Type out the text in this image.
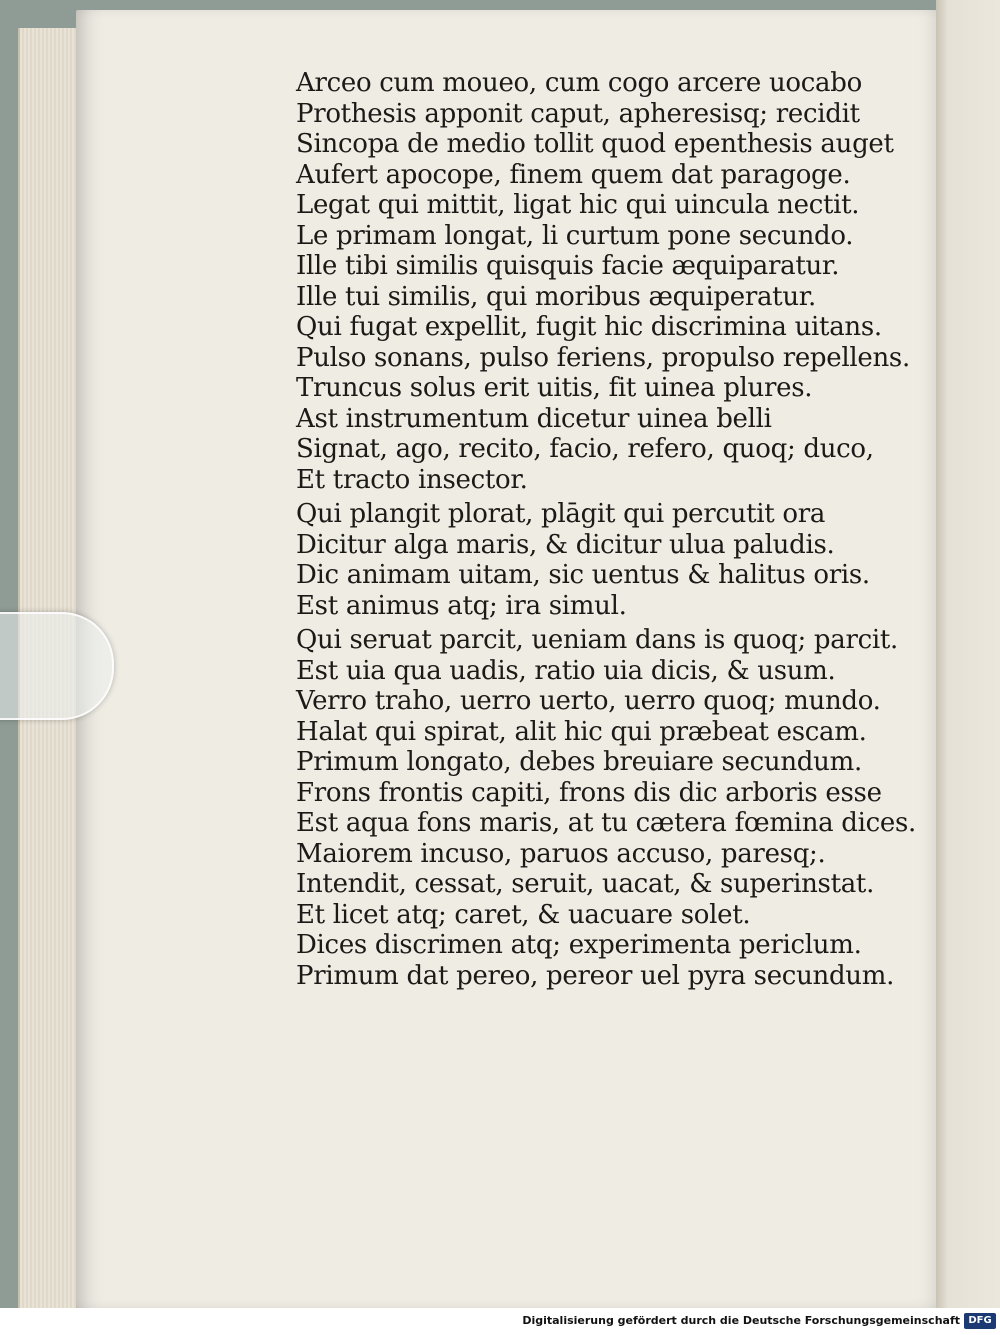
Arceo cum moueo, cum cogo arcere uocabo
Prothesis apponit caput, apheresisq; recidit
Sincopa de medio tollit quod epenthesis auget
Aufert apocope, finem quem dat paragoge.
Legat qui mittit, ligat hic qui uincula nectit.
Le primam longat, li curtum pone secundo.
Ille tibi similis quisquis facie æquiparatur.
Ille tui similis, qui moribus æquiperatur.
Qui fugat expellit, fugit hic discrimina uitans.
Pulso sonans, pulso feriens, propulso repellens.
Truncus solus erit uitis, fit uinea plures.
Ast instrumentum dicetur uinea belli
Signat, ago, recito, facio, refero, quoq; duco,
Et tracto insector.
Qui plangit plorat, plāgit qui percutit ora
Dicitur alga maris, & dicitur ulua paludis.
Dic animam uitam, sic uentus & halitus oris.
Est animus atq; ira simul.
Qui seruat parcit, ueniam dans is quoq; parcit.
Est uia qua uadis, ratio uia dicis, & usum.
Verro traho, uerro uerto, uerro quoq; mundo.
Halat qui spirat, alit hic qui præbeat escam.
Primum longato, debes breuiare secundum.
Frons frontis capiti, frons dis dic arboris esse
Est aqua fons maris, at tu cætera fœmina dices.
Maiorem incuso, paruos accuso, paresq;.
Intendit, cessat, seruit, uacat, & superinstat.
Et licet atq; caret, & uacuare solet.
Dices discrimen atq; experimenta periclum.
Primum dat pereo, pereor uel pyra secundum.
Digitalisierung gefördert durch die Deutsche Forschungsgemeinschaft DFG
